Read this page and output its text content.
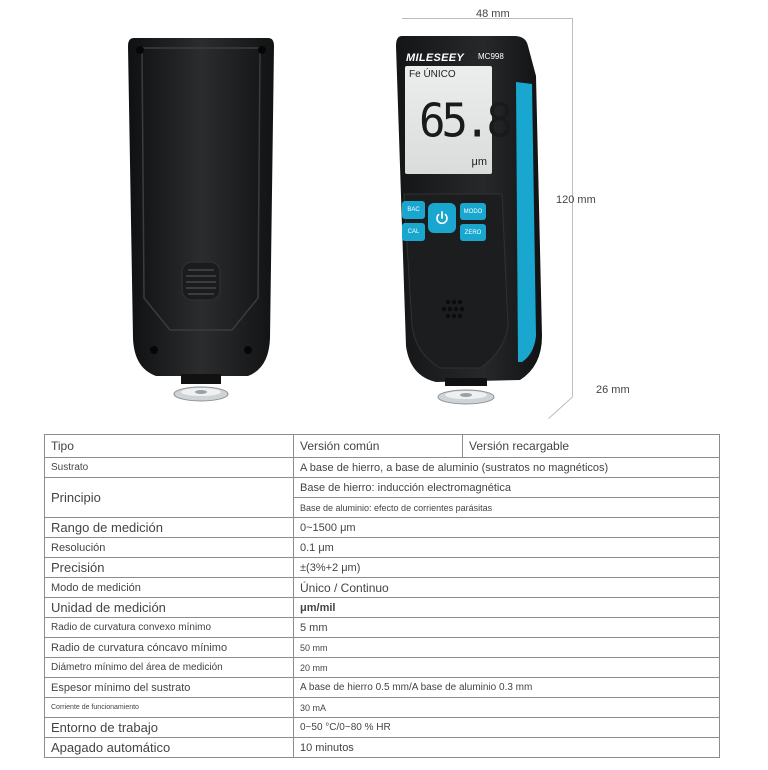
48 mm
120 mm
26 mm
MILESEEY MC998
Fe ÚNICO
65.8
μm
BAC	MODO
CAL	ZERO
Tipo	Versión común	Versión recargable
Sustrato	A base de hierro, a base de aluminio (sustratos no magnéticos)	
Principio	Base de hierro: inducción electromagnética	
	Base de aluminio: efecto de corrientes parásitas	
Rango de medición	0~1500 μm	
Resolución	0.1 μm	
Precisión	±(3%+2 μm)	
Modo de medición	Único / Continuo	
Unidad de medición	μm/mil	
Radio de curvatura convexo mínimo	5 mm	
Radio de curvatura cóncavo mínimo	50 mm	
Diámetro mínimo del área de medición	20 mm	
Espesor mínimo del sustrato	A base de hierro 0.5 mm/A base de aluminio 0.3 mm	
Corriente de funcionamiento	30 mA	
Entorno de trabajo	0~50 °C/0~80 % HR	
Apagado automático	10 minutos	
